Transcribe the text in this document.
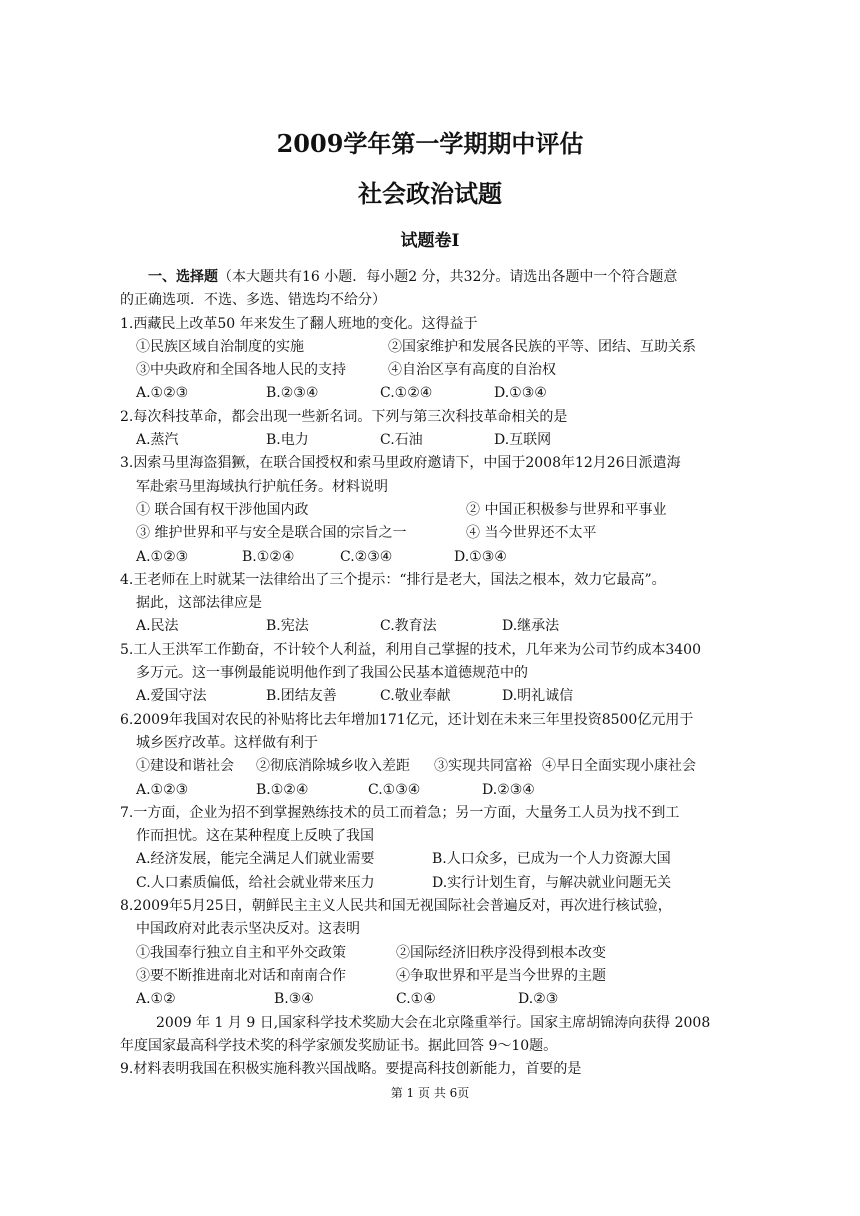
2009学年第一学期期中评估
社会政治试题
试题卷Ⅰ
一、选择题（本大题共有16 小题．每小题2 分，共32分。请选出各题中一个符合题意
的正确选项．不选、多选、错选均不给分）
1.西藏民上改革50 年来发生了翻人班地的变化。这得益于
①民族区域自治制度的实施	②国家维护和发展各民族的平等、团结、互助关系
③中央政府和全国各地人民的支持	④自治区享有高度的自治权
A.①②③	B.②③④	C.①②④	D.①③④
2.每次科技革命，都会出现一些新名词。下列与第三次科技革命相关的是
A.蒸汽	B.电力	C.石油	D.互联网
3.因索马里海盗猖獗，在联合国授权和索马里政府邀请下，中国于2008年12月26日派遣海
军赴索马里海域执行护航任务。材料说明
① 联合国有权干涉他国内政	② 中国正积极参与世界和平事业
③ 维护世界和平与安全是联合国的宗旨之一	④ 当今世界还不太平
A.①②③	B.①②④	C.②③④	D.①③④
4.王老师在上时就某一法律给出了三个提示：“排行是老大，国法之根本，效力它最高”。
据此，这部法律应是
A.民法	B.宪法	C.教育法	D.继承法
5.工人王洪军工作勤奋，不计较个人利益，利用自己掌握的技术，几年来为公司节约成本3400
多万元。这一事例最能说明他作到了我国公民基本道德规范中的
A.爱国守法	B.团结友善	C.敬业奉献	D.明礼诚信
6.2009年我国对农民的补贴将比去年增加171亿元，还计划在未来三年里投资8500亿元用于
城乡医疗改革。这样做有利于
①建设和谐社会	②彻底消除城乡收入差距	③实现共同富裕 ④早日全面实现小康社会
A.①②③	B.①②④	C.①③④	D.②③④
7.一方面，企业为招不到掌握熟练技术的员工而着急；另一方面，大量务工人员为找不到工
作而担忧。这在某种程度上反映了我国
A.经济发展，能完全满足人们就业需要	B.人口众多，已成为一个人力资源大国
C.人口素质偏低，给社会就业带来压力	D.实行计划生育，与解决就业问题无关
8.2009年5月25日，朝鲜民主主义人民共和国无视国际社会普遍反对，再次进行核试验，
中国政府对此表示坚决反对。这表明
①我国奉行独立自主和平外交政策	②国际经济旧秩序没得到根本改变
③要不断推进南北对话和南南合作	④争取世界和平是当今世界的主题
A.①②	B.③④	C.①④	D.②③
2009 年 1 月 9 日,国家科学技术奖励大会在北京隆重举行。国家主席胡锦涛向获得 2008
年度国家最高科学技术奖的科学家颁发奖励证书。据此回答 9～10题。
9.材料表明我国在积极实施科教兴国战略。要提高科技创新能力，首要的是
第 1 页 共 6页
